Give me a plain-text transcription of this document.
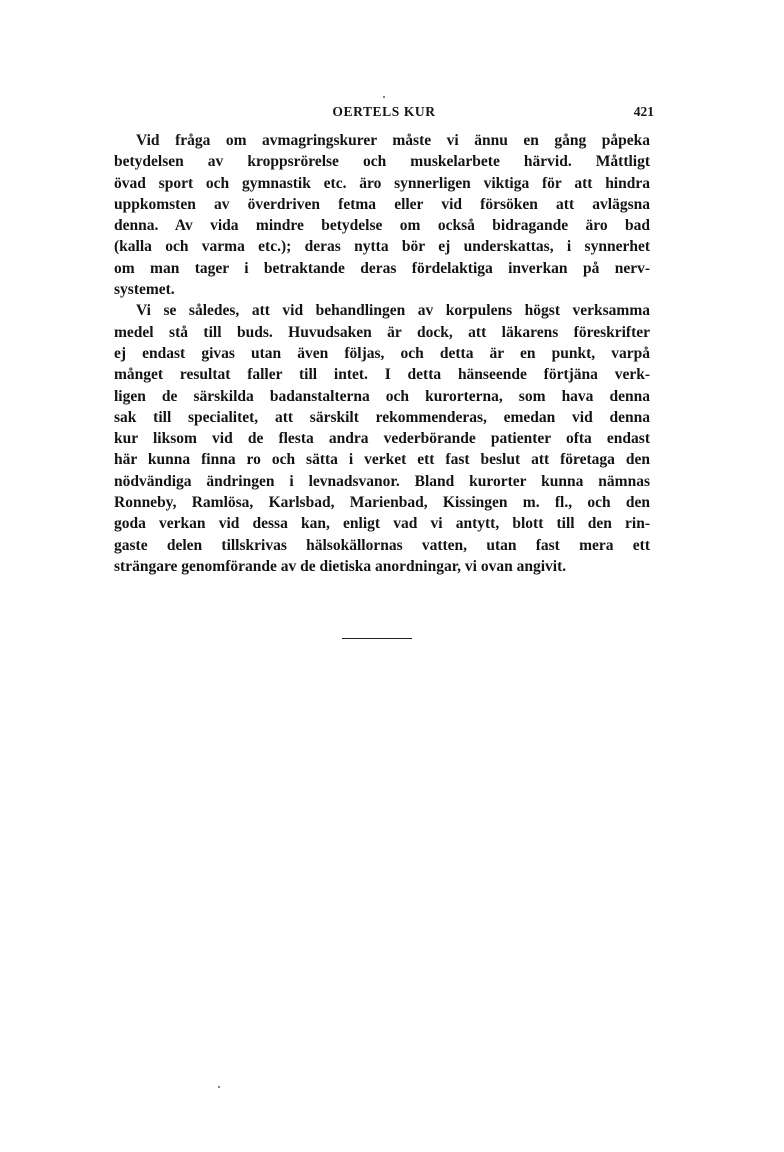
OERTELS KUR	421
Vid fråga om avmagringskurer måste vi ännu en gång påpeka
betydelsen av kroppsrörelse och muskelarbete härvid. Måttligt
övad sport och gymnastik etc. äro synnerligen viktiga för att hindra
uppkomsten av överdriven fetma eller vid försöken att avlägsna
denna. Av vida mindre betydelse om också bidragande äro bad
(kalla och varma etc.); deras nytta bör ej underskattas, i synnerhet
om man tager i betraktande deras fördelaktiga inverkan på nerv-
systemet.
Vi se således, att vid behandlingen av korpulens högst verksamma
medel stå till buds. Huvudsaken är dock, att läkarens föreskrifter
ej endast givas utan även följas, och detta är en punkt, varpå
månget resultat faller till intet. I detta hänseende förtjäna verk-
ligen de särskilda badanstalterna och kurorterna, som hava denna
sak till specialitet, att särskilt rekommenderas, emedan vid denna
kur liksom vid de flesta andra vederbörande patienter ofta endast
här kunna finna ro och sätta i verket ett fast beslut att företaga den
nödvändiga ändringen i levnadsvanor. Bland kurorter kunna nämnas
Ronneby, Ramlösa, Karlsbad, Marienbad, Kissingen m. fl., och den
goda verkan vid dessa kan, enligt vad vi antytt, blott till den rin-
gaste delen tillskrivas hälsokällornas vatten, utan fast mera ett
strängare genomförande av de dietiska anordningar, vi ovan angivit.
